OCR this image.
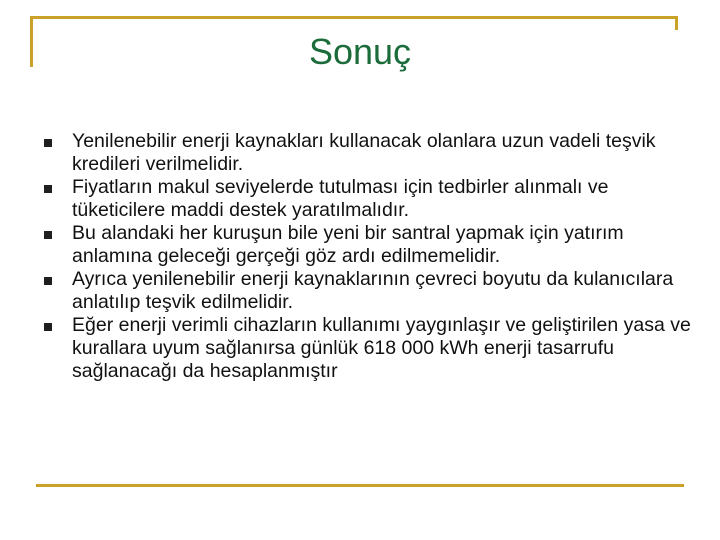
Sonuç
Yenilenebilir enerji kaynakları kullanacak olanlara uzun vadeli teşvik kredileri verilmelidir.
Fiyatların makul seviyelerde tutulması için tedbirler alınmalı ve tüketicilere maddi destek yaratılmalıdır.
Bu alandaki her kuruşun bile yeni bir santral yapmak için yatırım anlamına geleceği gerçeği göz ardı edilmemelidir.
Ayrıca yenilenebilir enerji kaynaklarının çevreci boyutu da kulanıcılara anlatılıp teşvik edilmelidir.
Eğer enerji verimli cihazların kullanımı yaygınlaşır ve geliştirilen yasa ve kurallara uyum sağlanırsa günlük 618 000 kWh enerji tasarrufu sağlanacağı da hesaplanmıştır
